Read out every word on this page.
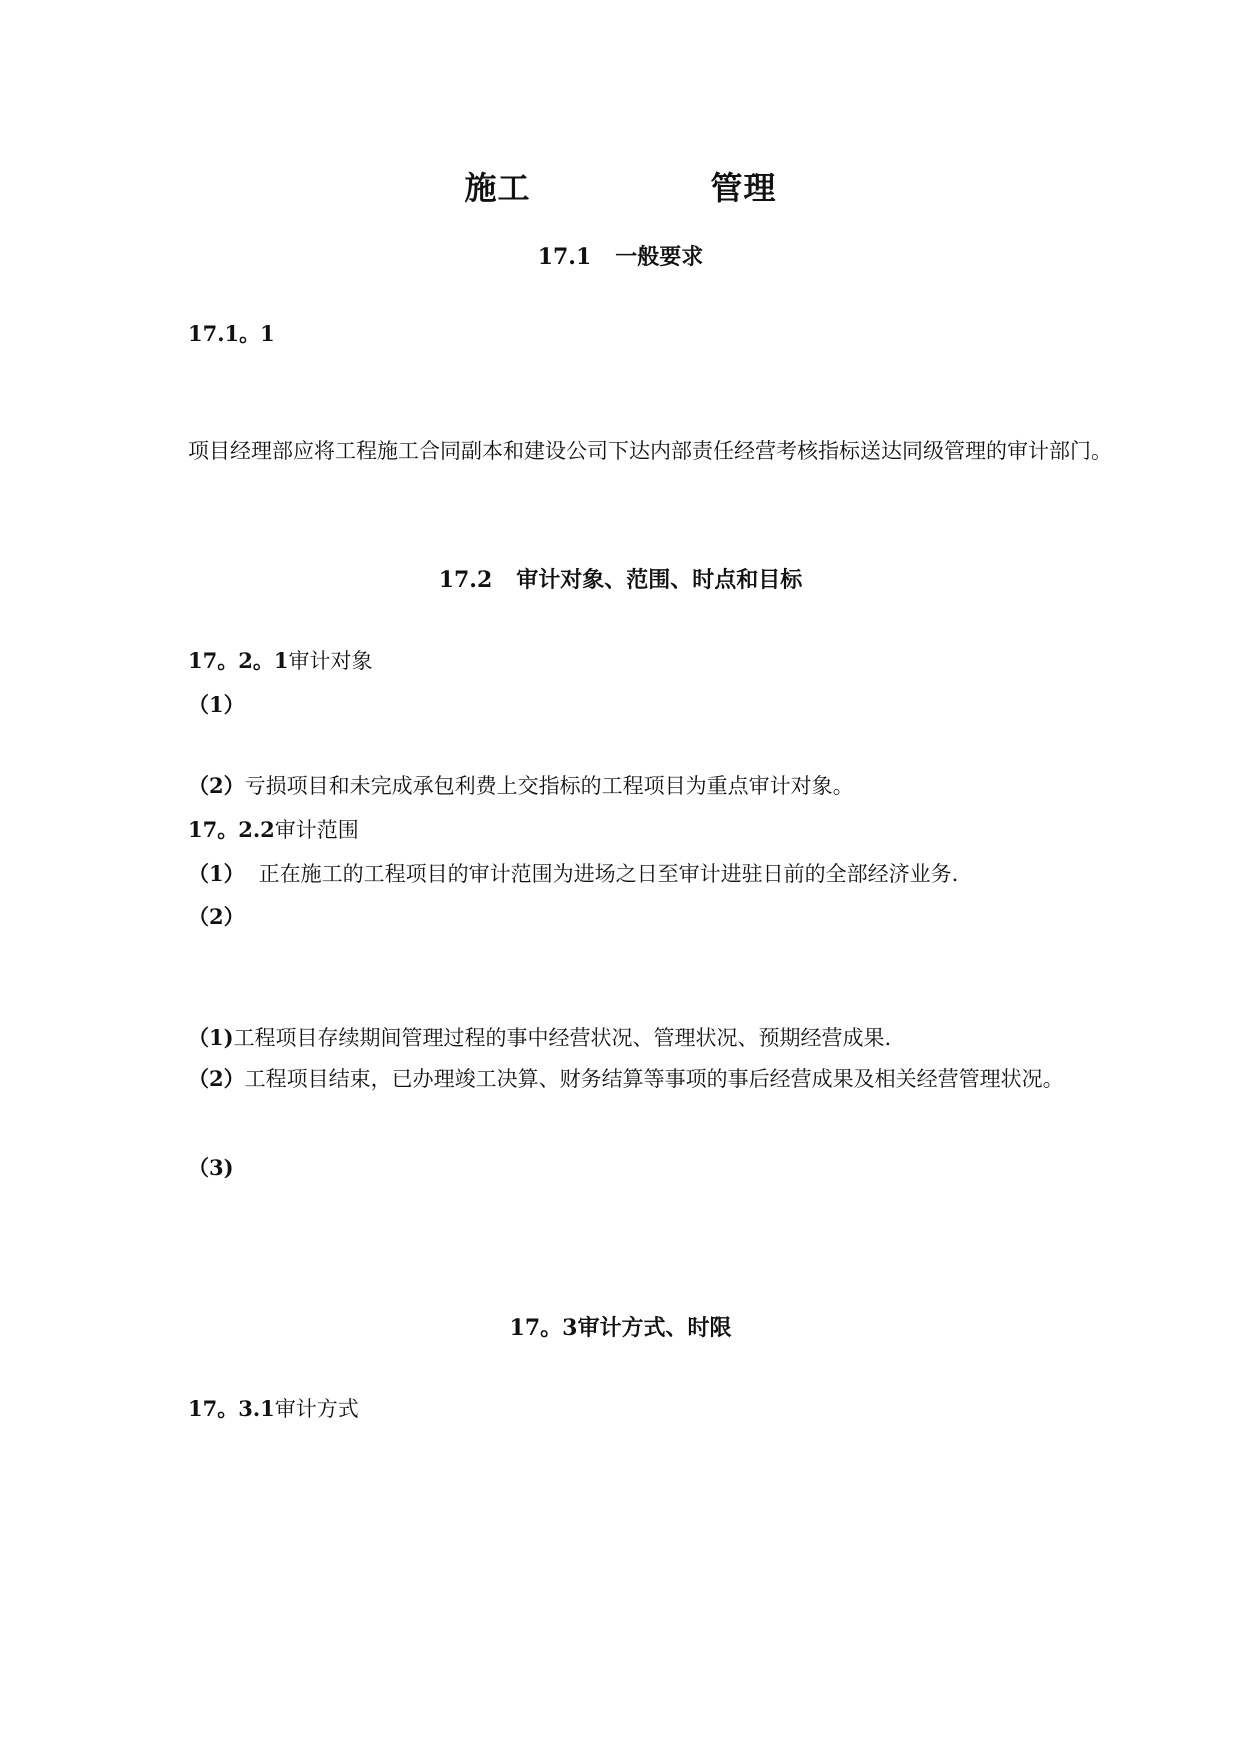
施工	管理
17.1 一般要求
17.1。1
项目经理部应将工程施工合同副本和建设公司下达内部责任经营考核指标送达同级管理的审计部门。
17.2 审计对象、范围、时点和目标
17。2。1审计对象
（1）
（2）亏损项目和未完成承包利费上交指标的工程项目为重点审计对象。
17。2.2审计范围
（1） 正在施工的工程项目的审计范围为进场之日至审计进驻日前的全部经济业务.
（2）
（1)工程项目存续期间管理过程的事中经营状况、管理状况、预期经营成果.
（2）工程项目结束，已办理竣工决算、财务结算等事项的事后经营成果及相关经营管理状况。
（3)
17。3审计方式、时限
17。3.1审计方式
